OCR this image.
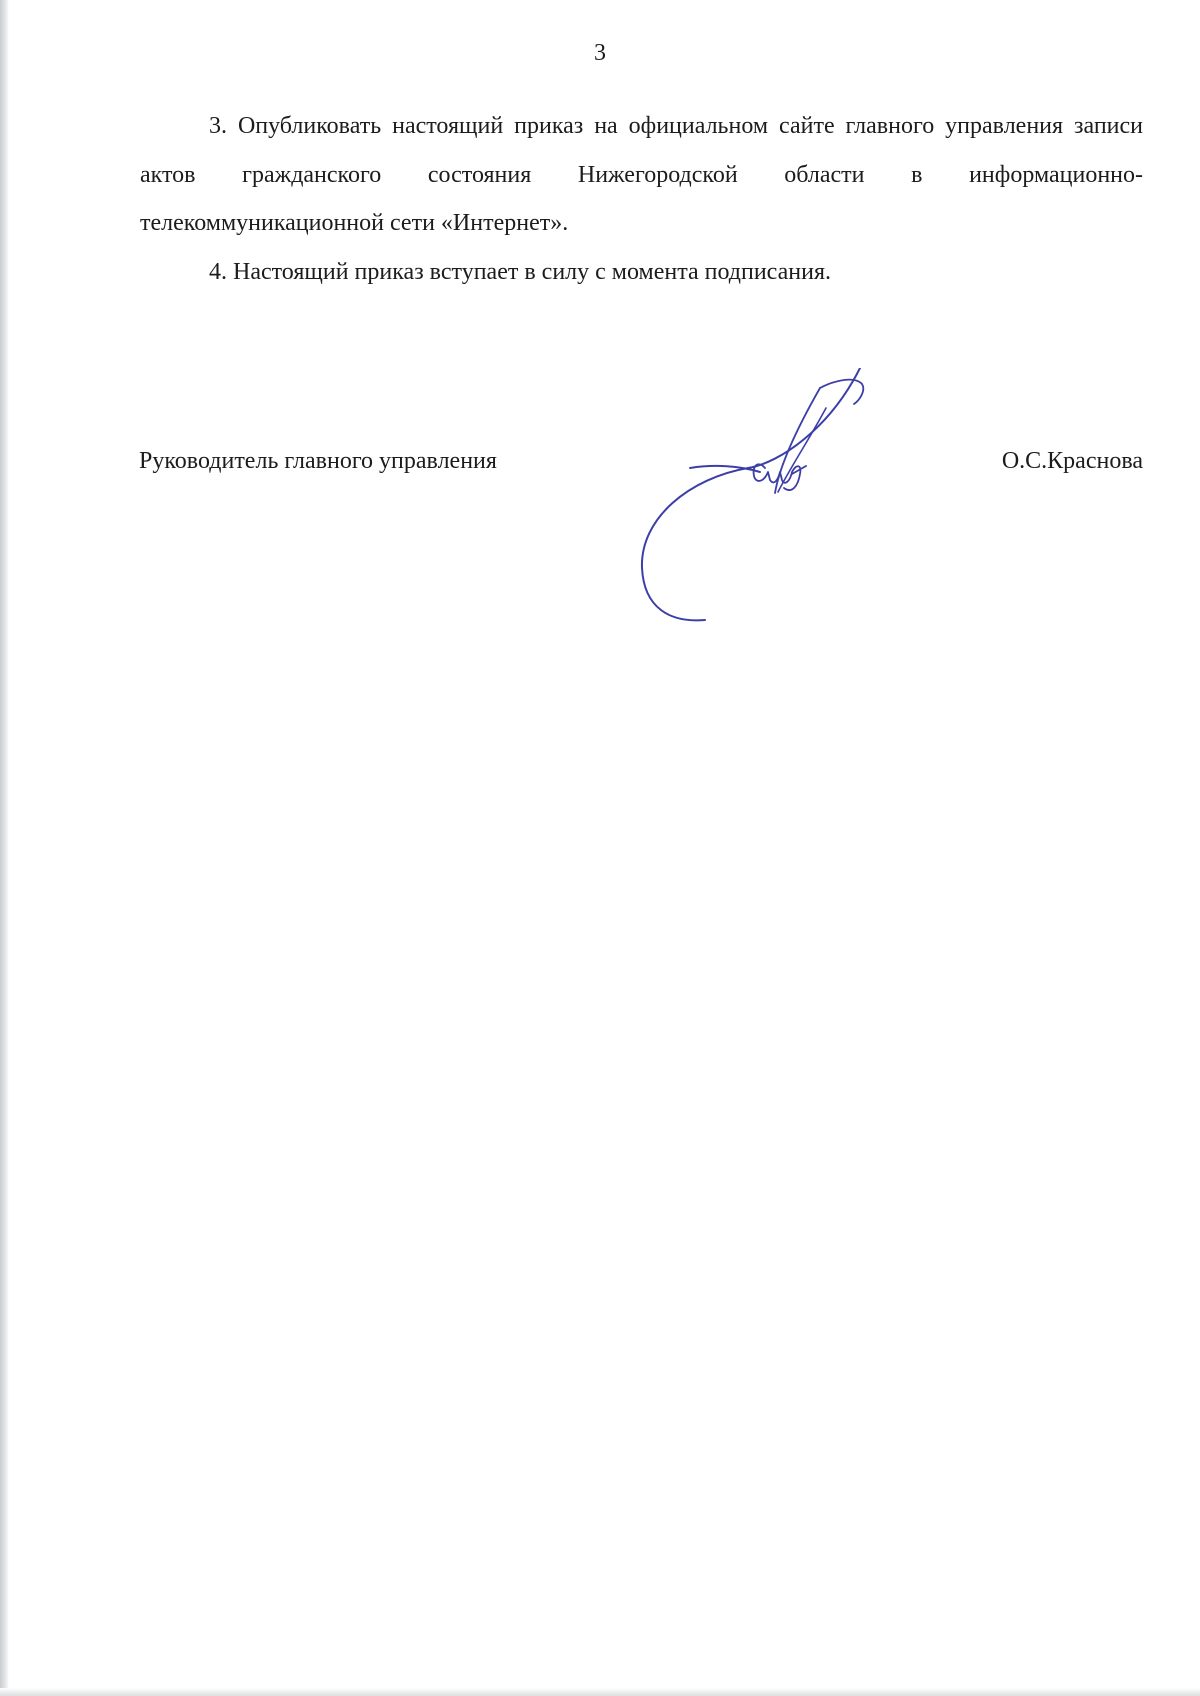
3

3. Опубликовать настоящий приказ на официальном сайте главного управления записи актов гражданского состояния Нижегородской области в информационно-телекоммуникационной сети «Интернет».

4. Настоящий приказ вступает в силу с момента подписания.

Руководитель главного управления	О.С.Краснова
